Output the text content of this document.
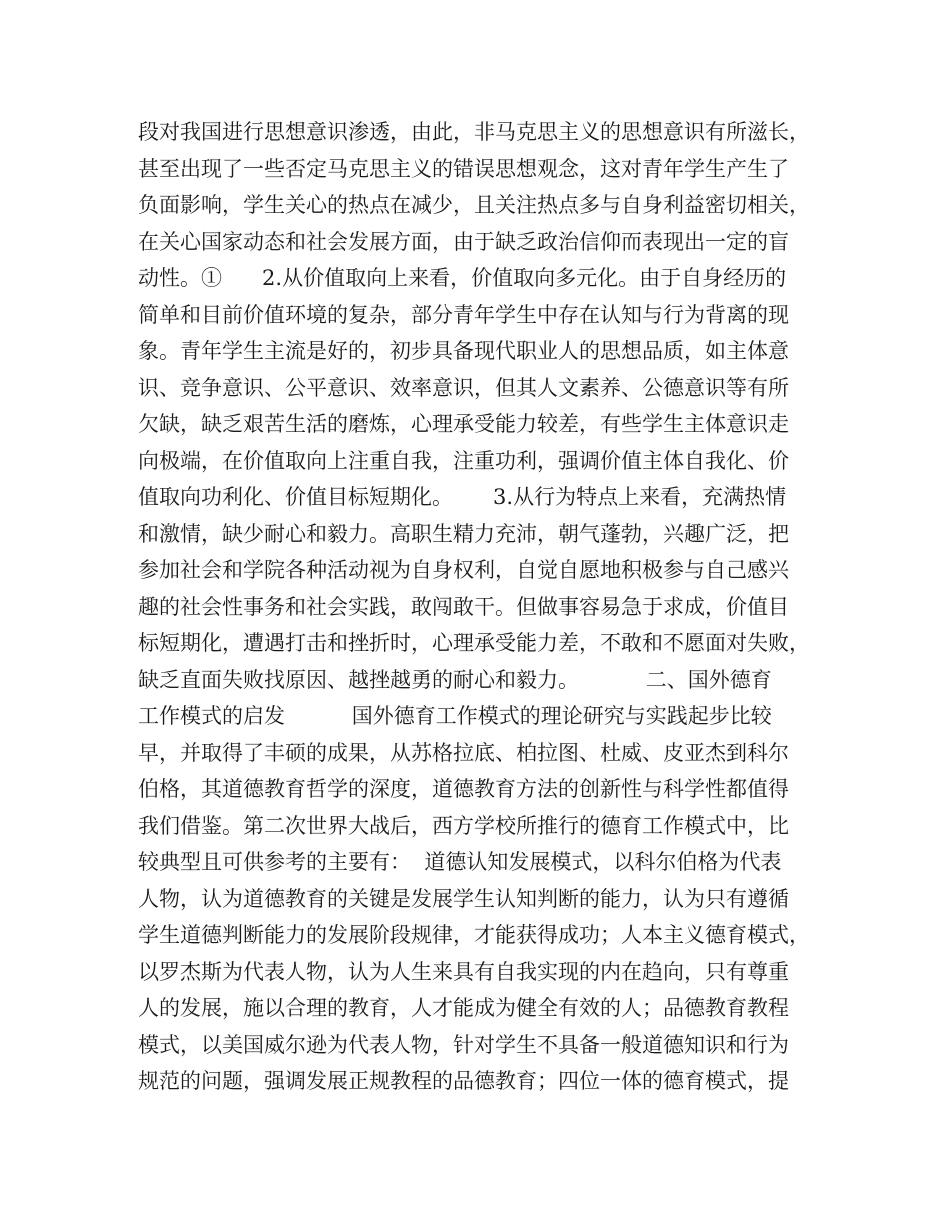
段对我国进行思想意识渗透，由此，非马克思主义的思想意识有所滋长，
甚至出现了一些否定马克思主义的错误思想观念，这对青年学生产生了
负面影响，学生关心的热点在减少，且关注热点多与自身利益密切相关，
在关心国家动态和社会发展方面，由于缺乏政治信仰而表现出一定的盲
动性。①      2.从价值取向上来看，价值取向多元化。由于自身经历的
简单和目前价值环境的复杂，部分青年学生中存在认知与行为背离的现
象。青年学生主流是好的，初步具备现代职业人的思想品质，如主体意
识、竞争意识、公平意识、效率意识，但其人文素养、公德意识等有所
欠缺，缺乏艰苦生活的磨炼，心理承受能力较差，有些学生主体意识走
向极端，在价值取向上注重自我，注重功利，强调价值主体自我化、价
值取向功利化、价值目标短期化。      3.从行为特点上来看，充满热情
和激情，缺少耐心和毅力。高职生精力充沛，朝气蓬勃，兴趣广泛，把
参加社会和学院各种活动视为自身权利，自觉自愿地积极参与自己感兴
趣的社会性事务和社会实践，敢闯敢干。但做事容易急于求成，价值目
标短期化，遭遇打击和挫折时，心理承受能力差，不敢和不愿面对失败，
缺乏直面失败找原因、越挫越勇的耐心和毅力。          二、国外德育
工作模式的启发          国外德育工作模式的理论研究与实践起步比较
早，并取得了丰硕的成果，从苏格拉底、柏拉图、杜威、皮亚杰到科尔
伯格，其道德教育哲学的深度，道德教育方法的创新性与科学性都值得
我们借鉴。第二次世界大战后，西方学校所推行的德育工作模式中，比
较典型且可供参考的主要有：  道德认知发展模式，以科尔伯格为代表
人物，认为道德教育的关键是发展学生认知判断的能力，认为只有遵循
学生道德判断能力的发展阶段规律，才能获得成功；人本主义德育模式，
以罗杰斯为代表人物，认为人生来具有自我实现的内在趋向，只有尊重
人的发展，施以合理的教育，人才能成为健全有效的人；品德教育教程
模式，以美国威尔逊为代表人物，针对学生不具备一般道德知识和行为
规范的问题，强调发展正规教程的品德教育；四位一体的德育模式，提
